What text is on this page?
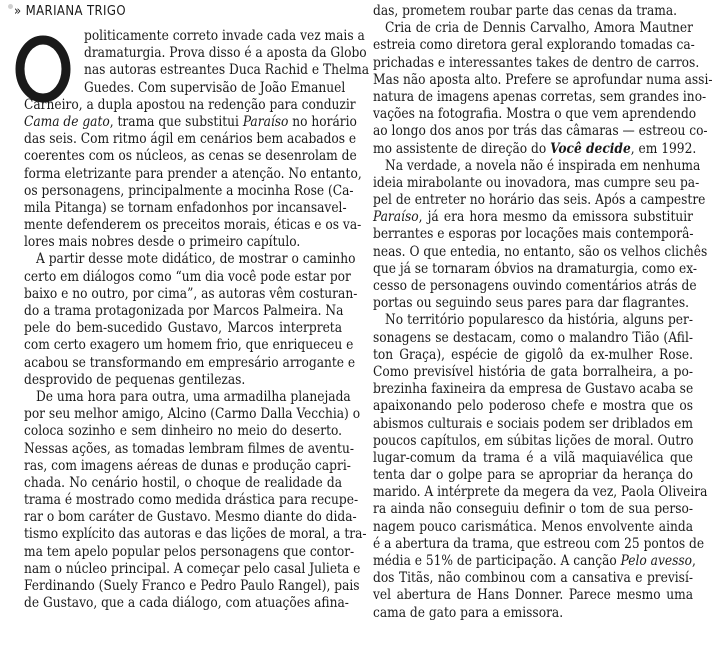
» MARIANA TRIGO
politicamente correto invade cada vez mais a
dramaturgia. Prova disso é a aposta da Globo
nas autoras estreantes Duca Rachid e Thelma
Guedes. Com supervisão de João Emanuel
Carneiro, a dupla apostou na redenção para conduzir
Cama de gato, trama que substitui Paraíso no horário
das seis. Com ritmo ágil em cenários bem acabados e
coerentes com os núcleos, as cenas se desenrolam de
forma eletrizante para prender a atenção. No entanto,
os personagens, principalmente a mocinha Rose (Ca-
mila Pitanga) se tornam enfadonhos por incansavel-
mente defenderem os preceitos morais, éticas e os va-
lores mais nobres desde o primeiro capítulo.
A partir desse mote didático, de mostrar o caminho
certo em diálogos como “um dia você pode estar por
baixo e no outro, por cima”, as autoras vêm costuran-
do a trama protagonizada por Marcos Palmeira. Na
pele do bem-sucedido Gustavo, Marcos interpreta
com certo exagero um homem frio, que enriqueceu e
acabou se transformando em empresário arrogante e
desprovido de pequenas gentilezas.
De uma hora para outra, uma armadilha planejada
por seu melhor amigo, Alcino (Carmo Dalla Vecchia) o
coloca sozinho e sem dinheiro no meio do deserto.
Nessas ações, as tomadas lembram filmes de aventu-
ras, com imagens aéreas de dunas e produção capri-
chada. No cenário hostil, o choque de realidade da
trama é mostrado como medida drástica para recupe-
rar o bom caráter de Gustavo. Mesmo diante do dida-
tismo explícito das autoras e das lições de moral, a tra-
ma tem apelo popular pelos personagens que contor-
nam o núcleo principal. A começar pelo casal Julieta e
Ferdinando (Suely Franco e Pedro Paulo Rangel), pais
de Gustavo, que a cada diálogo, com atuações afina-
das, prometem roubar parte das cenas da trama.
Cria de cria de Dennis Carvalho, Amora Mautner
estreia como diretora geral explorando tomadas ca-
prichadas e interessantes takes de dentro de carros.
Mas não aposta alto. Prefere se aprofundar numa assi-
natura de imagens apenas corretas, sem grandes ino-
vações na fotografia. Mostra o que vem aprendendo
ao longo dos anos por trás das câmaras — estreou co-
mo assistente de direção do Você decide, em 1992.
Na verdade, a novela não é inspirada em nenhuma
ideia mirabolante ou inovadora, mas cumpre seu pa-
pel de entreter no horário das seis. Após a campestre
Paraíso, já era hora mesmo da emissora substituir
berrantes e esporas por locações mais contemporâ-
neas. O que entedia, no entanto, são os velhos clichês
que já se tornaram óbvios na dramaturgia, como ex-
cesso de personagens ouvindo comentários atrás de
portas ou seguindo seus pares para dar flagrantes.
No território popularesco da história, alguns per-
sonagens se destacam, como o malandro Tião (Afil-
ton Graça), espécie de gigolô da ex-mulher Rose.
Como previsível história de gata borralheira, a po-
brezinha faxineira da empresa de Gustavo acaba se
apaixonando pelo poderoso chefe e mostra que os
abismos culturais e sociais podem ser driblados em
poucos capítulos, em súbitas lições de moral. Outro
lugar-comum da trama é a vilã maquiavélica que
tenta dar o golpe para se apropriar da herança do
marido. A intérprete da megera da vez, Paola Oliveira
ra ainda não conseguiu definir o tom de sua perso-
nagem pouco carismática. Menos envolvente ainda
é a abertura da trama, que estreou com 25 pontos de
média e 51% de participação. A canção Pelo avesso,
dos Titãs, não combinou com a cansativa e previsí-
vel abertura de Hans Donner. Parece mesmo uma
cama de gato para a emissora.
